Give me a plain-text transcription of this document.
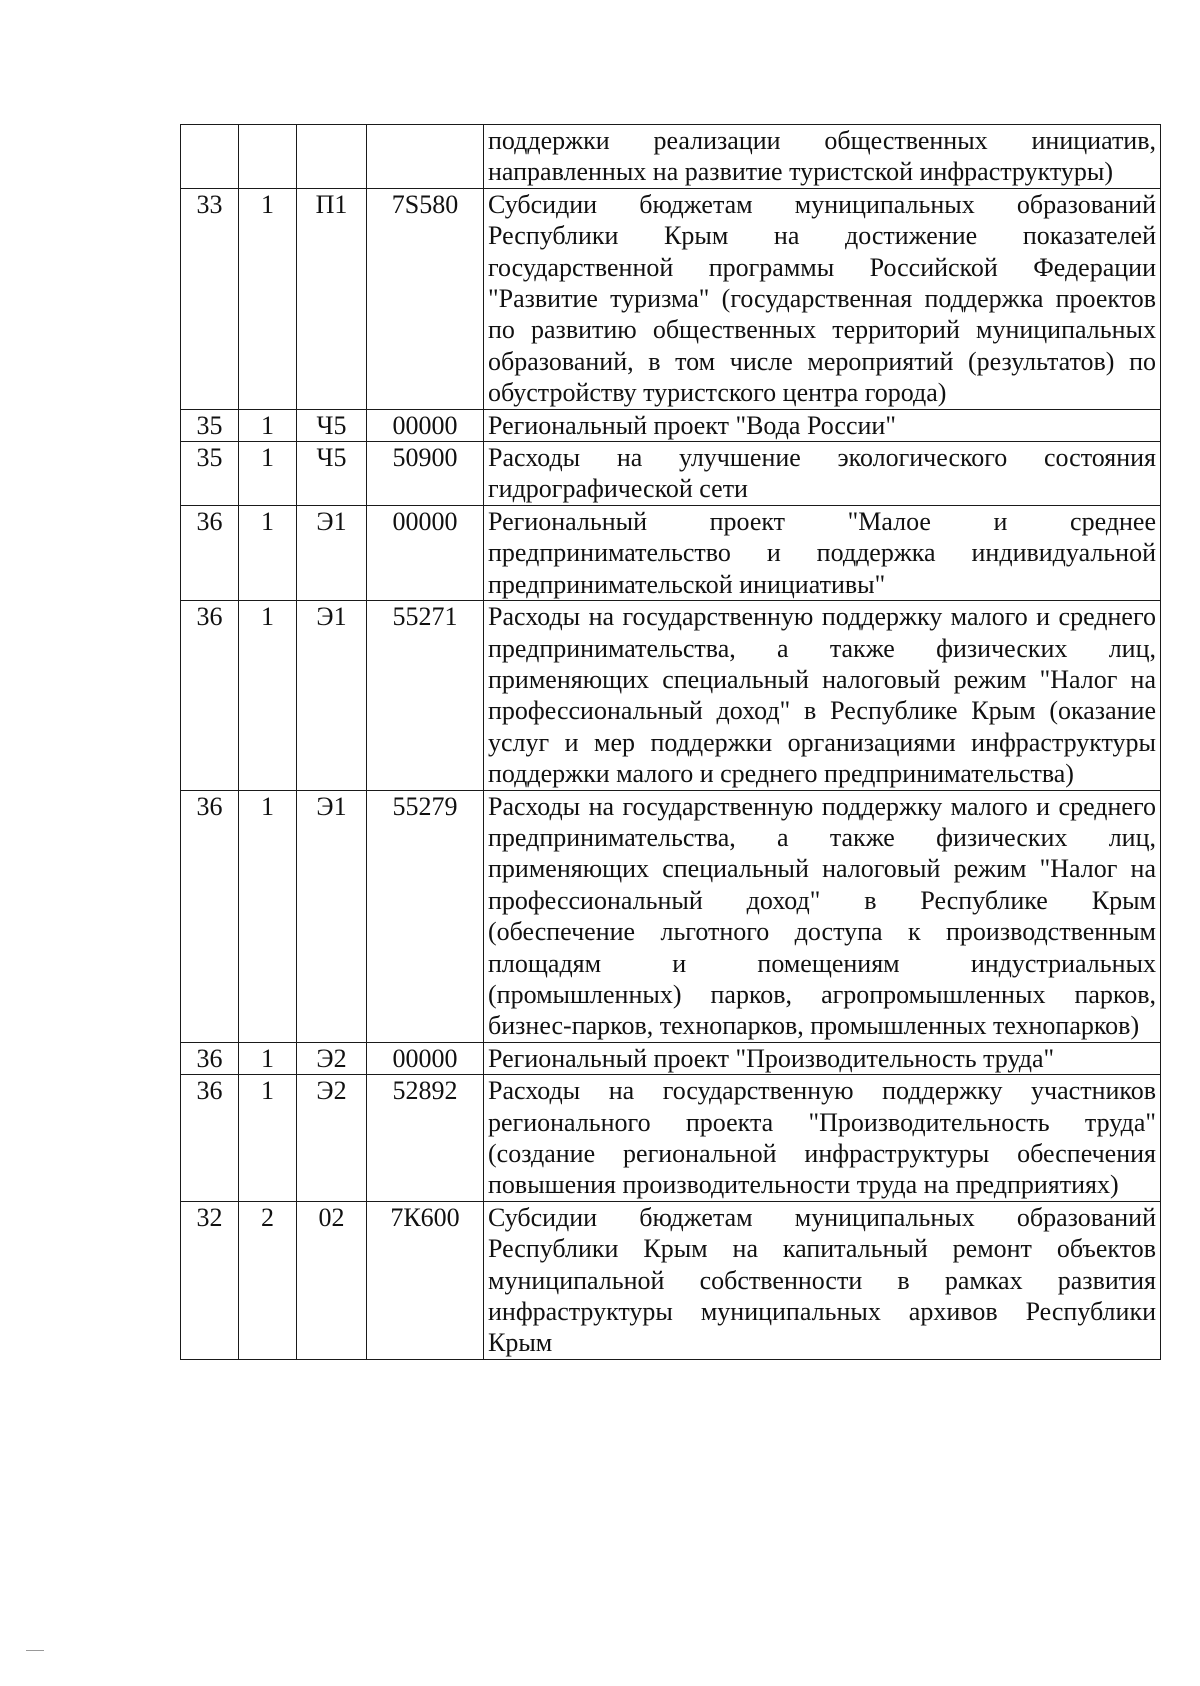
				поддержки реализации общественных инициатив, направленных на развитие туристской инфраструктуры)
33	1	П1	7S580	Субсидии бюджетам муниципальных образований Республики Крым на достижение показателей государственной программы Российской Федерации "Развитие туризма" (государственная поддержка проектов по развитию общественных территорий муниципальных образований, в том числе мероприятий (результатов) по обустройству туристского центра города)
35	1	Ч5	00000	Региональный проект "Вода России"
35	1	Ч5	50900	Расходы на улучшение экологического состояния гидрографической сети
36	1	Э1	00000	Региональный проект "Малое и среднее предпринимательство и поддержка индивидуальной предпринимательской инициативы"
36	1	Э1	55271	Расходы на государственную поддержку малого и среднего предпринимательства, а также физических лиц, применяющих специальный налоговый режим "Налог на профессиональный доход" в Республике Крым (оказание услуг и мер поддержки организациями инфраструктуры поддержки малого и среднего предпринимательства)
36	1	Э1	55279	Расходы на государственную поддержку малого и среднего предпринимательства, а также физических лиц, применяющих специальный налоговый режим "Налог на профессиональный доход" в Республике Крым (обеспечение льготного доступа к производственным площадям и помещениям индустриальных (промышленных) парков, агропромышленных парков, бизнес-парков, технопарков, промышленных технопарков)
36	1	Э2	00000	Региональный проект "Производительность труда"
36	1	Э2	52892	Расходы на государственную поддержку участников регионального проекта "Производительность труда" (создание региональной инфраструктуры обеспечения повышения производительности труда на предприятиях)
32	2	02	7К600	Субсидии бюджетам муниципальных образований Республики Крым на капитальный ремонт объектов муниципальной собственности в рамках развития инфраструктуры муниципальных архивов Республики Крым
